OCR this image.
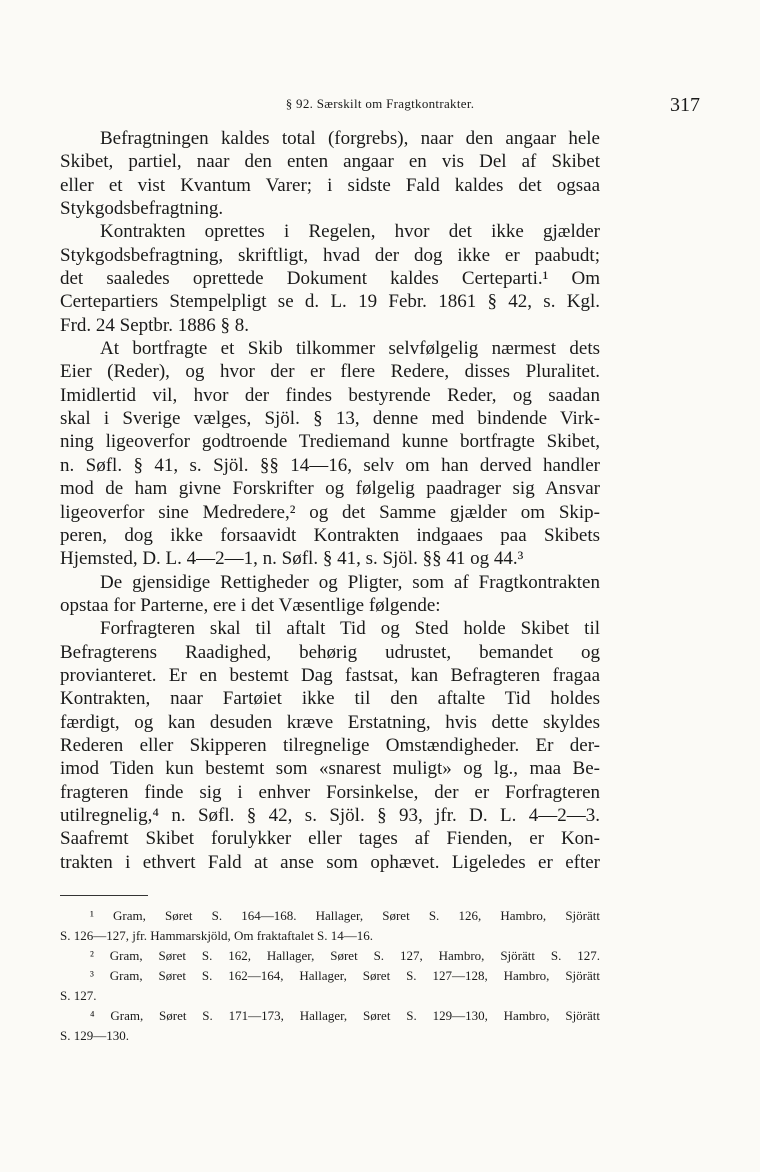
§ 92. Særskilt om Fragtkontrakter.	317
Befragtningen kaldes total (forgrebs), naar den angaar hele
Skibet, partiel, naar den enten angaar en vis Del af Skibet
eller et vist Kvantum Varer; i sidste Fald kaldes det ogsaa
Stykgodsbefragtning.
Kontrakten oprettes i Regelen, hvor det ikke gjælder
Stykgodsbefragtning, skriftligt, hvad der dog ikke er paabudt;
det saaledes oprettede Dokument kaldes Certeparti.¹ Om
Certepartiers Stempelpligt se d. L. 19 Febr. 1861 § 42, s. Kgl.
Frd. 24 Septbr. 1886 § 8.
At bortfragte et Skib tilkommer selvfølgelig nærmest dets
Eier (Reder), og hvor der er flere Redere, disses Pluralitet.
Imidlertid vil, hvor der findes bestyrende Reder, og saadan
skal i Sverige vælges, Sjöl. § 13, denne med bindende Virk-
ning ligeoverfor godtroende Trediemand kunne bortfragte Skibet,
n. Søfl. § 41, s. Sjöl. §§ 14—16, selv om han derved handler
mod de ham givne Forskrifter og følgelig paadrager sig Ansvar
ligeoverfor sine Medredere,² og det Samme gjælder om Skip-
peren, dog ikke forsaavidt Kontrakten indgaaes paa Skibets
Hjemsted, D. L. 4—2—1, n. Søfl. § 41, s. Sjöl. §§ 41 og 44.³
De gjensidige Rettigheder og Pligter, som af Fragtkontrakten
opstaa for Parterne, ere i det Væsentlige følgende:
Forfragteren skal til aftalt Tid og Sted holde Skibet til
Befragterens Raadighed, behørig udrustet, bemandet og
provianteret. Er en bestemt Dag fastsat, kan Befragteren fragaa
Kontrakten, naar Fartøiet ikke til den aftalte Tid holdes
færdigt, og kan desuden kræve Erstatning, hvis dette skyldes
Rederen eller Skipperen tilregnelige Omstændigheder. Er der-
imod Tiden kun bestemt som «snarest muligt» og lg., maa Be-
fragteren finde sig i enhver Forsinkelse, der er Forfragteren
utilregnelig,⁴ n. Søfl. § 42, s. Sjöl. § 93, jfr. D. L. 4—2—3.
Saafremt Skibet forulykker eller tages af Fienden, er Kon-
trakten i ethvert Fald at anse som ophævet. Ligeledes er efter
¹ Gram, Søret S. 164—168. Hallager, Søret S. 126, Hambro, Sjörätt
S. 126—127, jfr. Hammarskjöld, Om fraktaftalet S. 14—16.
² Gram, Søret S. 162, Hallager, Søret S. 127, Hambro, Sjörätt S. 127.
³ Gram, Søret S. 162—164, Hallager, Søret S. 127—128, Hambro, Sjörätt
S. 127.
⁴ Gram, Søret S. 171—173, Hallager, Søret S. 129—130, Hambro, Sjörätt
S. 129—130.
